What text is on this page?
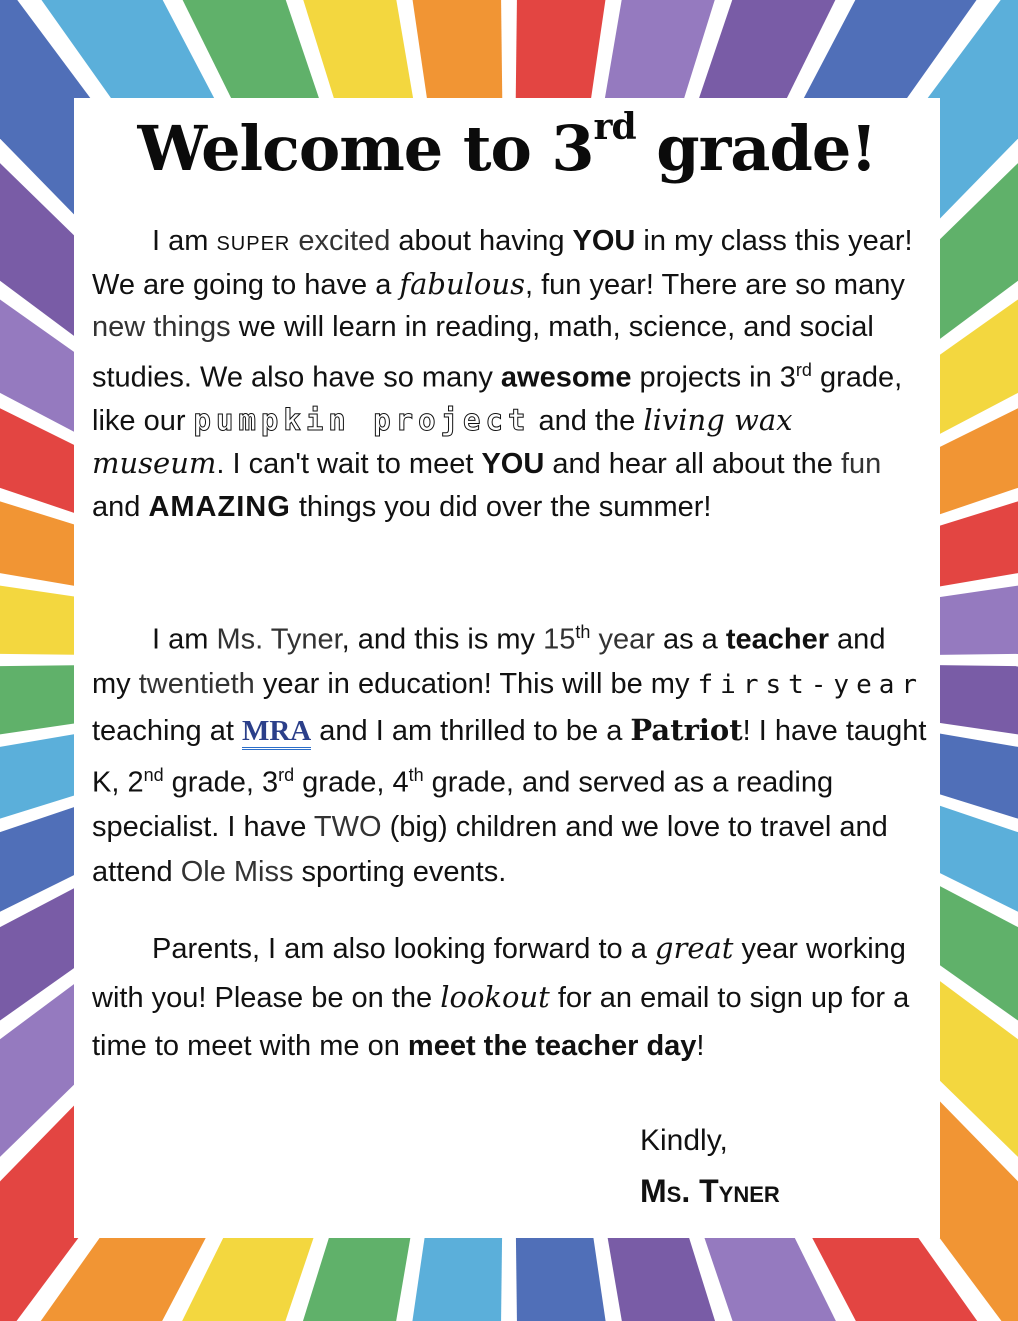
Welcome to 3rd grade!

I am super excited about having YOU in my class this year! We are going to have a fabulous, fun year! There are so many new things we will learn in reading, math, science, and social studies. We also have so many awesome projects in 3rd grade, like our pumpkin project and the living wax museum. I can't wait to meet YOU and hear all about the fun and AMAZING things you did over the summer!

I am Ms. Tyner, and this is my 15th year as a teacher and my twentieth year in education! This will be my first-year teaching at MRA and I am thrilled to be a Patriot! I have taught K, 2nd grade, 3rd grade, 4th grade, and served as a reading specialist. I have TWO (big) children and we love to travel and attend Ole Miss sporting events.

Parents, I am also looking forward to a great year working with you! Please be on the lookout for an email to sign up for a time to meet with me on meet the teacher day!

Kindly,
Ms. Tyner
